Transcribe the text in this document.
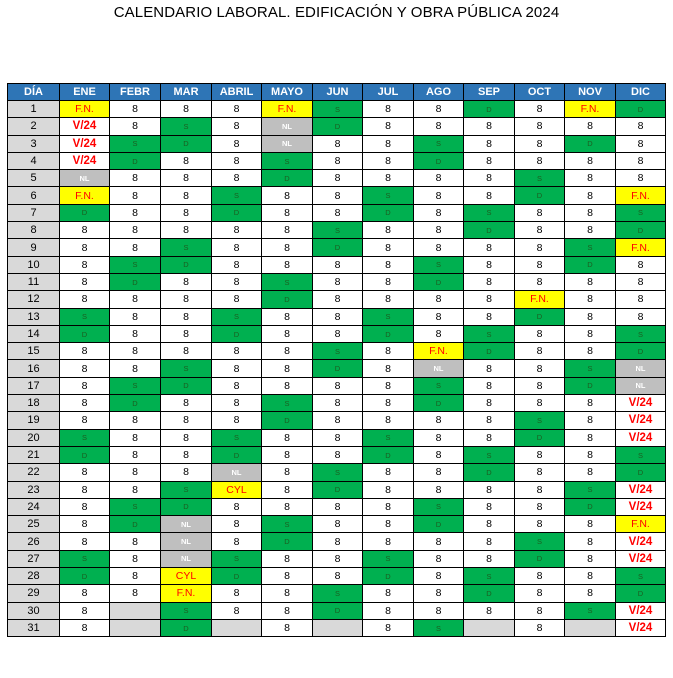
CALENDARIO LABORAL. EDIFICACIÓN Y OBRA PÚBLICA 2024
DÍA	ENE	FEBR	MAR	ABRIL	MAYO	JUN	JUL	AGO	SEP	OCT	NOV	DIC
1	F.N.	8	8	8	F.N.	S	8	8	D	8	F.N.	D
2	V/24	8	S	8	NL	D	8	8	8	8	8	8
3	V/24	S	D	8	NL	8	8	S	8	8	D	8
4	V/24	D	8	8	S	8	8	D	8	8	8	8
5	NL	8	8	8	D	8	8	8	8	S	8	8
6	F.N.	8	8	S	8	8	S	8	8	D	8	F.N.
7	D	8	8	D	8	8	D	8	S	8	8	S
8	8	8	8	8	8	S	8	8	D	8	8	D
9	8	8	S	8	8	D	8	8	8	8	S	F.N.
10	8	S	D	8	8	8	8	S	8	8	D	8
11	8	D	8	8	S	8	8	D	8	8	8	8
12	8	8	8	8	D	8	8	8	8	F.N.	8	8
13	S	8	8	S	8	8	S	8	8	D	8	8
14	D	8	8	D	8	8	D	8	S	8	8	S
15	8	8	8	8	8	S	8	F.N.	D	8	8	D
16	8	8	S	8	8	D	8	NL	8	8	S	NL
17	8	S	D	8	8	8	8	S	8	8	D	NL
18	8	D	8	8	S	8	8	D	8	8	8	V/24
19	8	8	8	8	D	8	8	8	8	S	8	V/24
20	S	8	8	S	8	8	S	8	8	D	8	V/24
21	D	8	8	D	8	8	D	8	S	8	8	S
22	8	8	8	NL	8	S	8	8	D	8	8	D
23	8	8	S	CYL	8	D	8	8	8	8	S	V/24
24	8	S	D	8	8	8	8	S	8	8	D	V/24
25	8	D	NL	8	S	8	8	D	8	8	8	F.N.
26	8	8	NL	8	D	8	8	8	8	S	8	V/24
27	S	8	NL	S	8	8	S	8	8	D	8	V/24
28	D	8	CYL	D	8	8	D	8	S	8	8	S
29	8	8	F.N.	8	8	S	8	8	D	8	8	D
30	8		S	8	8	D	8	8	8	8	S	V/24
31	8		D		8		8	S		8		V/24
